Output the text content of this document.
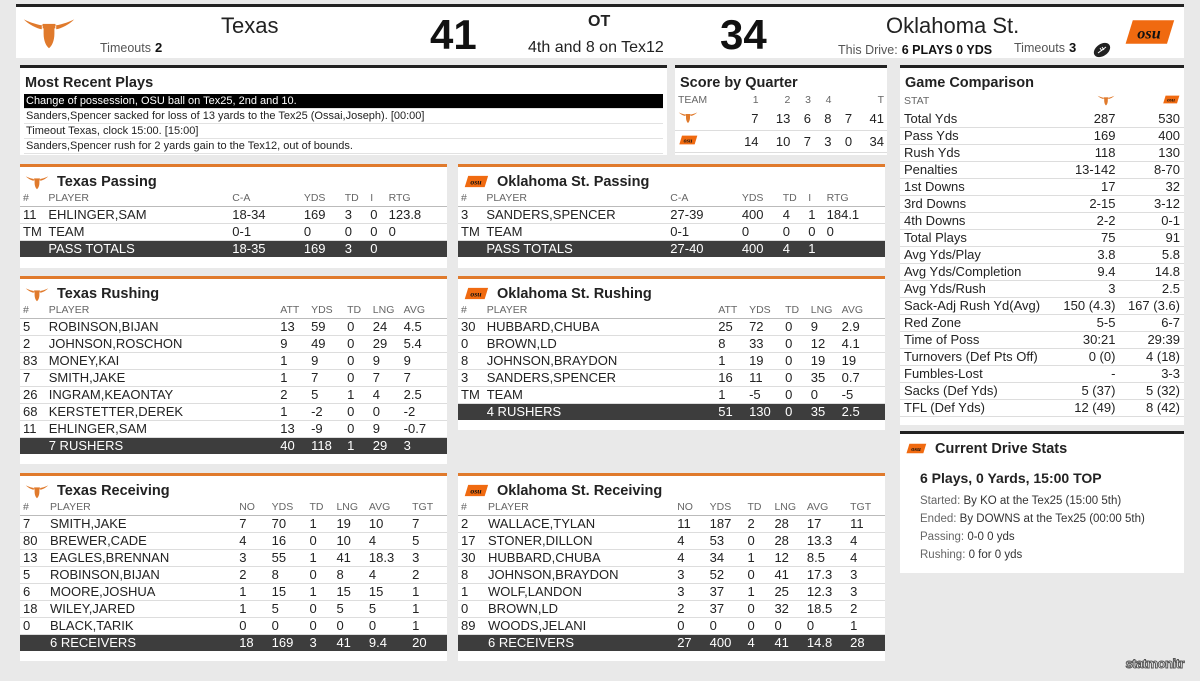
Texas
Timeouts 2	41	OT
4th and 8 on Tex12 34	Oklahoma St.
This Drive: 6 PLAYS 0 YDS Timeouts 3
Most Recent Plays
Change of possession, OSU ball on Tex25, 2nd and 10.
Sanders,Spencer sacked for loss of 13 yards to the Tex25 (Ossai,Joseph). [00:00]
Timeout Texas, clock 15:00. [15:00]
Sanders,Spencer rush for 2 yards gain to the Tex12, out of bounds.
Score by Quarter
TEAM	1	2	3	4		T
	7	13	6	8	7	41
	14	10	7	3	0	34
Game Comparison
STAT		
Total Yds	287	530
Pass Yds	169	400
Rush Yds	118	130
Penalties	13-142	8-70
1st Downs	17	32
3rd Downs	2-15	3-12
4th Downs	2-2	0-1
Total Plays	75	91
Avg Yds/Play	3.8	5.8
Avg Yds/Completion	9.4	14.8
Avg Yds/Rush	3	2.5
Sack-Adj Rush Yd(Avg)	150 (4.3)	167 (3.6)
Red Zone	5-5	6-7
Time of Poss	30:21	29:39
Turnovers (Def Pts Off)	0 (0)	4 (18)
Fumbles-Lost	-	3-3
Sacks (Def Yds)	5 (37)	5 (32)
TFL (Def Yds)	12 (49)	8 (42)
Current Drive Stats
6 Plays, 0 Yards, 15:00 TOP
Started: By KO at the Tex25 (15:00 5th)
Ended: By DOWNS at the Tex25 (00:00 5th)
Passing: 0-0 0 yds
Rushing: 0 for 0 yds
Texas Passing
#	PLAYER	C-A	YDS	TD	I	RTG
11	EHLINGER,SAM	18-34	169	3	0	123.8
TM	TEAM	0-1	0	0	0	0
	PASS TOTALS	18-35	169	3	0	
Oklahoma St. Passing
#	PLAYER	C-A	YDS	TD	I	RTG
3	SANDERS,SPENCER	27-39	400	4	1	184.1
TM	TEAM	0-1	0	0	0	0
	PASS TOTALS	27-40	400	4	1	
Texas Rushing
#	PLAYER	ATT	YDS	TD	LNG	AVG
5	ROBINSON,BIJAN	13	59	0	24	4.5
2	JOHNSON,ROSCHON	9	49	0	29	5.4
83	MONEY,KAI	1	9	0	9	9
7	SMITH,JAKE	1	7	0	7	7
26	INGRAM,KEAONTAY	2	5	1	4	2.5
68	KERSTETTER,DEREK	1	-2	0	0	-2
11	EHLINGER,SAM	13	-9	0	9	-0.7
	7 RUSHERS	40	118	1	29	3
Oklahoma St. Rushing
#	PLAYER	ATT	YDS	TD	LNG	AVG
30	HUBBARD,CHUBA	25	72	0	9	2.9
0	BROWN,LD	8	33	0	12	4.1
8	JOHNSON,BRAYDON	1	19	0	19	19
3	SANDERS,SPENCER	16	11	0	35	0.7
TM	TEAM	1	-5	0	0	-5
	4 RUSHERS	51	130	0	35	2.5
Texas Receiving
#	PLAYER	NO	YDS	TD	LNG	AVG	TGT
7	SMITH,JAKE	7	70	1	19	10	7
80	BREWER,CADE	4	16	0	10	4	5
13	EAGLES,BRENNAN	3	55	1	41	18.3	3
5	ROBINSON,BIJAN	2	8	0	8	4	2
6	MOORE,JOSHUA	1	15	1	15	15	1
18	WILEY,JARED	1	5	0	5	5	1
0	BLACK,TARIK	0	0	0	0	0	1
	6 RECEIVERS	18	169	3	41	9.4	20
Oklahoma St. Receiving
#	PLAYER	NO	YDS	TD	LNG	AVG	TGT
2	WALLACE,TYLAN	11	187	2	28	17	11
17	STONER,DILLON	4	53	0	28	13.3	4
30	HUBBARD,CHUBA	4	34	1	12	8.5	4
8	JOHNSON,BRAYDON	3	52	0	41	17.3	3
1	WOLF,LANDON	3	37	1	25	12.3	3
0	BROWN,LD	2	37	0	32	18.5	2
89	WOODS,JELANI	0	0	0	0	0	1
	6 RECEIVERS	27	400	4	41	14.8	28
statmonitr
